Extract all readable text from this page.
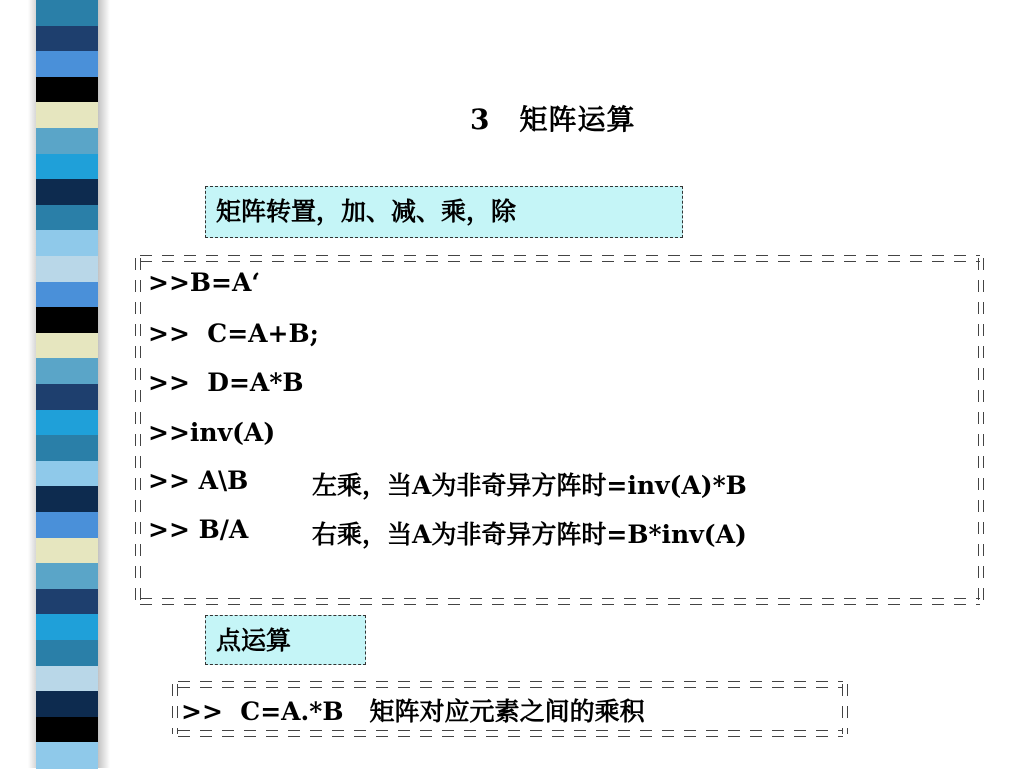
3　矩阵运算
矩阵转置，加、减、乘，除
>>B=A‘
>>  C=A+B;
>>  D=A*B
>>inv(A)
>> A\B	左乘，当A为非奇异方阵时=inv(A)*B
>> B/A	右乘，当A为非奇异方阵时=B*inv(A)
点运算
>>  C=A.*B   矩阵对应元素之间的乘积
